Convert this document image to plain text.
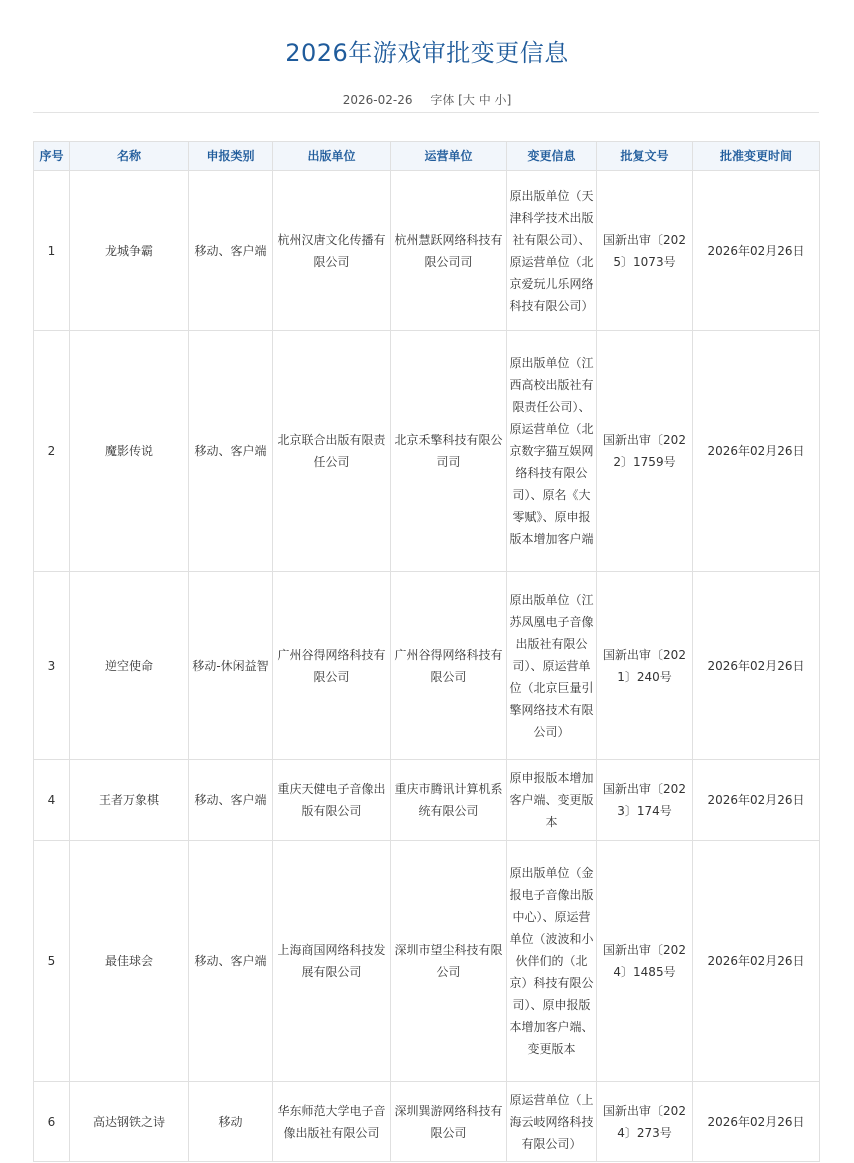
2026年游戏审批变更信息
2026-02-26 字体 [大 中 小]
序号	名称	申报类别	出版单位	运营单位	变更信息	批复文号	批准变更时间
1	龙城争霸	移动、客户端	杭州汉唐文化传播有限公司	杭州慧跃网络科技有限公司司	原出版单位（天津科学技术出版社有限公司）、原运营单位（北京爱玩儿乐网络科技有限公司）	国新出审〔2025〕1073号	2026年02月26日
2	魔影传说	移动、客户端	北京联合出版有限责任公司	北京禾擎科技有限公司司	原出版单位（江西高校出版社有限责任公司）、原运营单位（北京数字猫互娱网络科技有限公司）、原名《大零赋》、原申报版本增加客户端	国新出审〔2022〕1759号	2026年02月26日
3	逆空使命	移动-休闲益智	广州谷得网络科技有限公司	广州谷得网络科技有限公司	原出版单位（江苏凤凰电子音像出版社有限公司）、原运营单位（北京巨量引擎网络技术有限公司）	国新出审〔2021〕240号	2026年02月26日
4	王者万象棋	移动、客户端	重庆天健电子音像出版有限公司	重庆市腾讯计算机系统有限公司	原申报版本增加客户端、变更版本	国新出审〔2023〕174号	2026年02月26日
5	最佳球会	移动、客户端	上海商国网络科技发展有限公司	深圳市望尘科技有限公司	原出版单位（金报电子音像出版中心）、原运营单位（波波和小伙伴们的（北京）科技有限公司）、原申报版本增加客户端、变更版本	国新出审〔2024〕1485号	2026年02月26日
6	高达钢铁之诗	移动	华东师范大学电子音像出版社有限公司	深圳巽游网络科技有限公司	原运营单位（上海云岐网络科技有限公司）	国新出审〔2024〕273号	2026年02月26日
